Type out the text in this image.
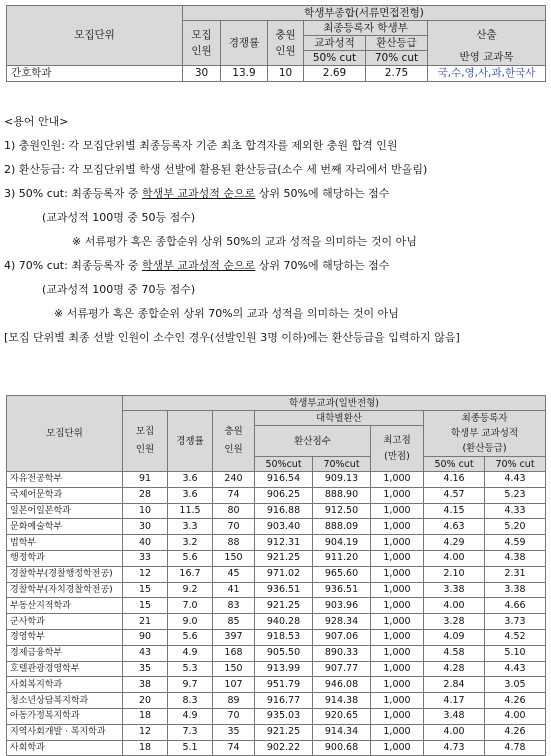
모집단위	학생부종합(서류면접전형)					
	모집
인원	경쟁률	충원
인원	최종등록자 학생부		산출
				교과성적	환산등급	
				50% cut	70% cut	반영 교과목
간호학과	30	13.9	10	2.69	2.75	국,수,영,사,과,한국사
<용어 안내>
1) 충원인원: 각 모집단위별 최종등록자 기준 최초 합격자를 제외한 충원 합격 인원
2) 환산등급: 각 모집단위별 학생 선발에 활용된 환산등급(소수 세 번째 자리에서 반올림)
3) 50% cut: 최종등록자 중 학생부 교과성적 순으로 상위 50%에 해당하는 점수
(교과성적 100명 중 50등 점수)
※ 서류평가 혹은 종합순위 상위 50%의 교과 성적을 의미하는 것이 아님
4) 70% cut: 최종등록자 중 학생부 교과성적 순으로 상위 70%에 해당하는 점수
(교과성적 100명 중 70등 점수)
※ 서류평가 혹은 종합순위 상위 70%의 교과 성적을 의미하는 것이 아님
[모집 단위별 최종 선발 인원이 소수인 경우(선발인원 3명 이하)에는 환산등급을 입력하지 않음]
모집단위	학생부교과(일반전형)							
	모집
인원	경쟁률	충원
인원	대학별환산			최종등록자
학생부 교과성적
(환산등급)	
				환산점수		최고점
(만점)		
				50%cut	70%cut		50% cut	70% cut
자유전공학부	91	3.6	240	916.54	909.13	1,000	4.16	4.43
국제어문학과	28	3.6	74	906.25	888.90	1,000	4.57	5.23
일본어일본학과	10	11.5	80	916.88	912.50	1,000	4.15	4.33
문화예술학부	30	3.3	70	903.40	888.09	1,000	4.63	5.20
법학부	40	3.2	88	912.31	904.19	1,000	4.29	4.59
행정학과	33	5.6	150	921.25	911.20	1,000	4.00	4.38
경찰학부(경찰행정학전공)	12	16.7	45	971.02	965.60	1,000	2.10	2.31
경찰학부(자치경찰학전공)	15	9.2	41	936.51	936.51	1,000	3.38	3.38
부동산지적학과	15	7.0	83	921.25	903.96	1,000	4.00	4.66
군사학과	21	9.0	85	940.28	928.34	1,000	3.28	3.73
경영학부	90	5.6	397	918.53	907.06	1,000	4.09	4.52
경제금융학부	43	4.9	168	905.50	890.33	1,000	4.58	5.10
호텔관광경영학부	35	5.3	150	913.99	907.77	1,000	4.28	4.43
사회복지학과	38	9.7	107	951.79	946.08	1,000	2.84	3.05
청소년상담복지학과	20	8.3	89	916.77	914.38	1,000	4.17	4.26
아동가정복지학과	18	4.9	70	935.03	920.65	1,000	3.48	4.00
지역사회개발 · 복지학과	12	7.3	35	921.25	914.34	1,000	4.00	4.26
사회학과	18	5.1	74	902.22	900.68	1,000	4.73	4.78
